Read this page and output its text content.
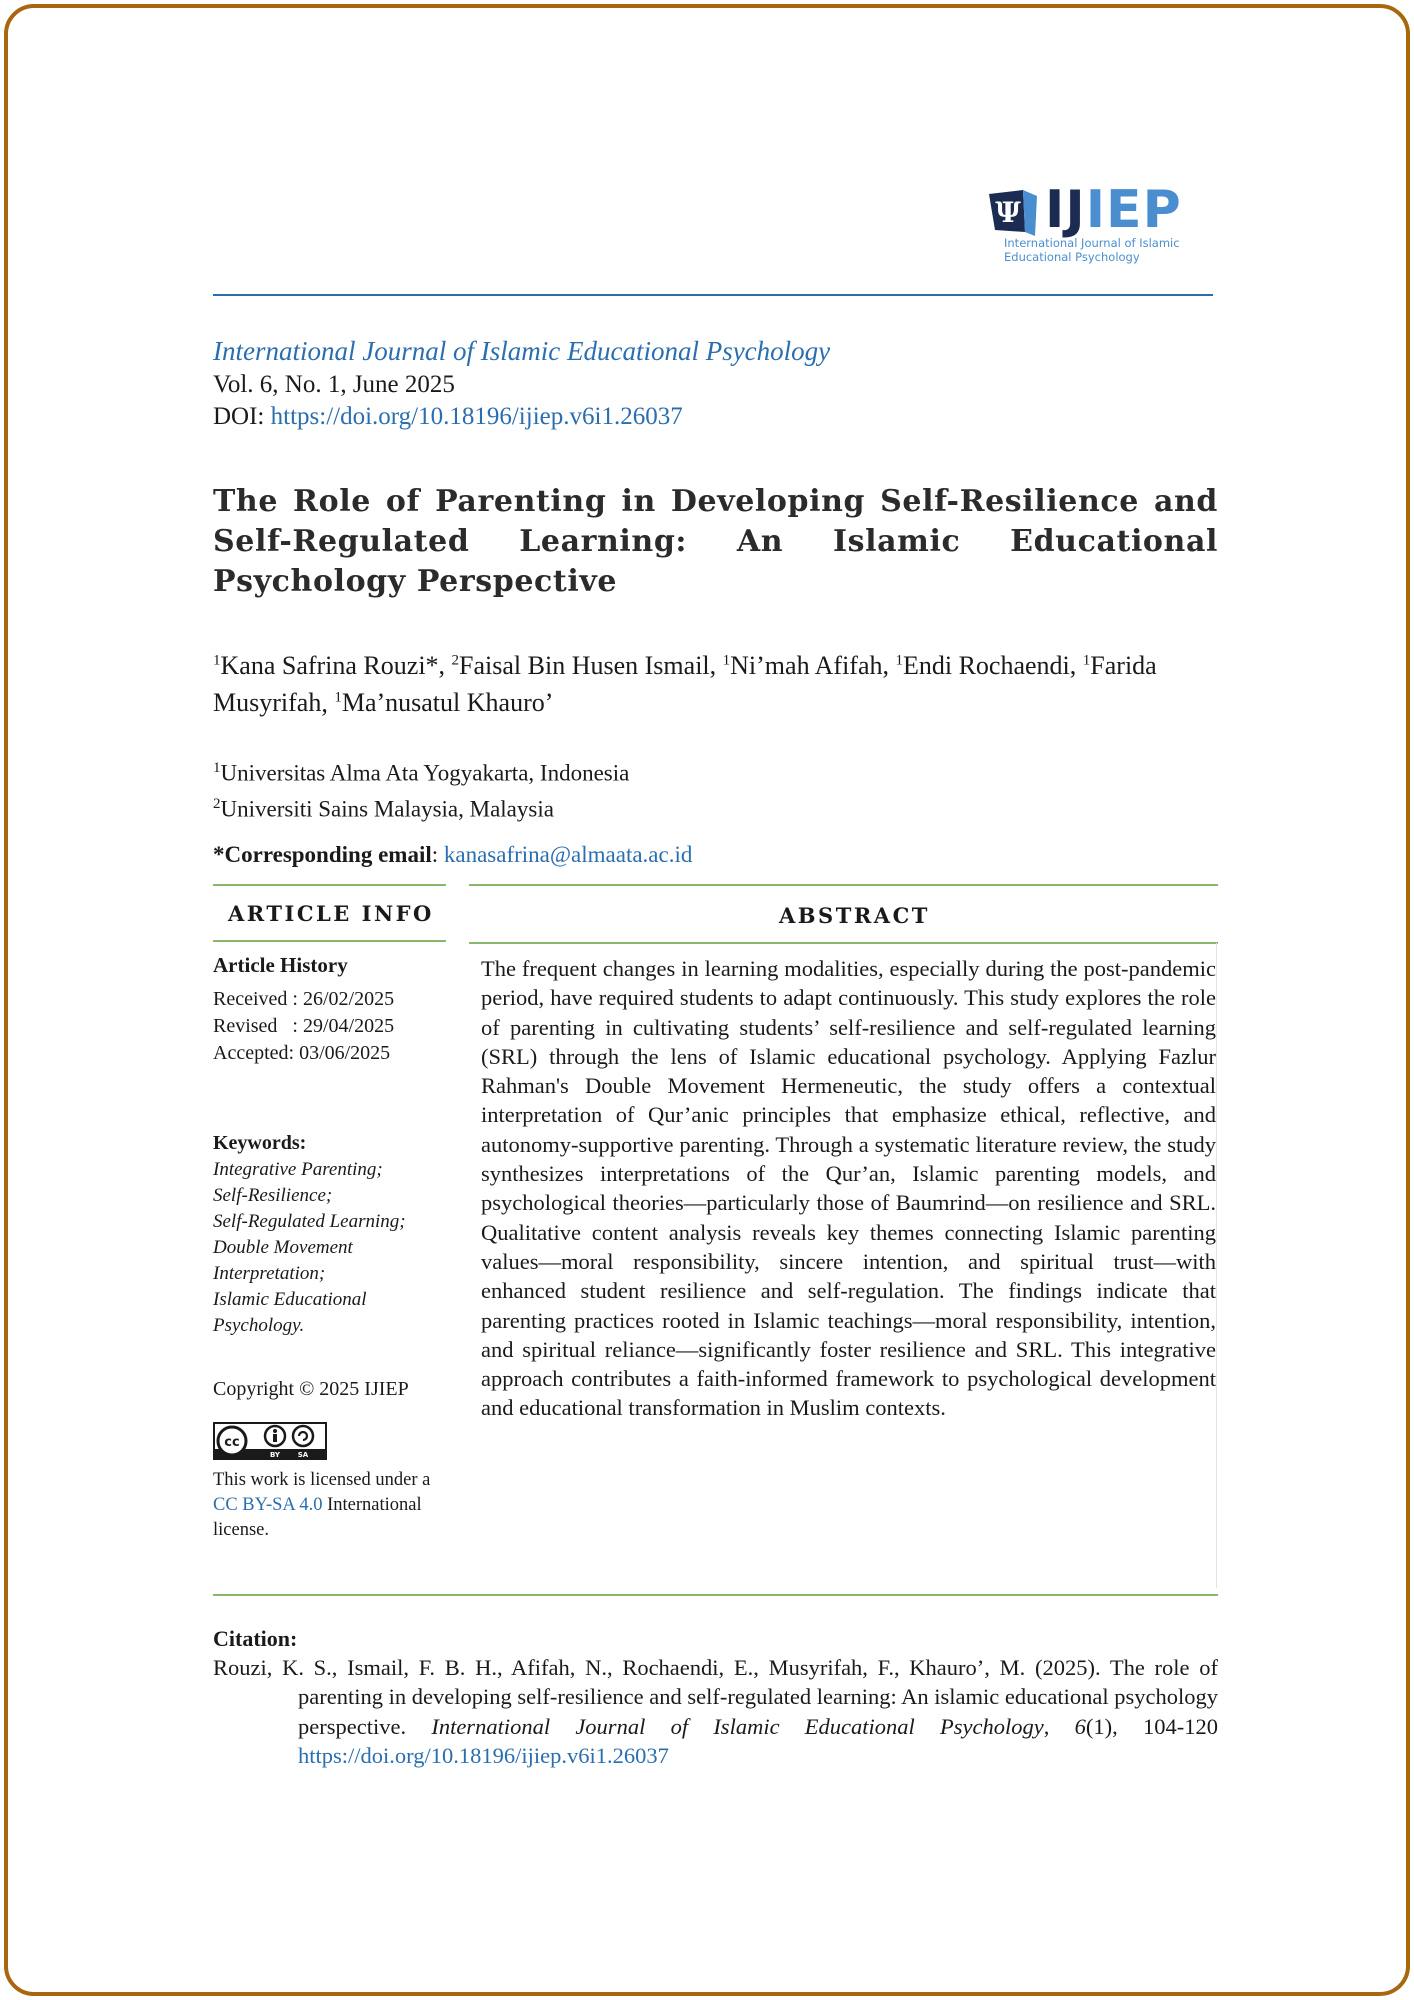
Ψ IJIEP
International Journal of Islamic
Educational Psychology
International Journal of Islamic Educational Psychology
Vol. 6, No. 1, June 2025
DOI: https://doi.org/10.18196/ijiep.v6i1.26037
The Role of Parenting in Developing Self-Resilience and Self-Regulated Learning: An Islamic Educational Psychology Perspective
$^1$Kana Safrina Rouzi*, $^2$Faisal Bin Husen Ismail, $^1$Ni’mah Afifah, $^1$Endi Rochaendi, $^1$Farida Musyrifah, $^1$Ma’nusatul Khauro’
$^1$Universitas Alma Ata Yogyakarta, Indonesia
$^2$Universiti Sains Malaysia, Malaysia
*Corresponding email: kanasafrina@almaata.ac.id
ARTICLE INFO	ABSTRACT
Article History
Received : 26/02/2025
Revised   : 29/04/2025
Accepted: 03/06/2025
Keywords:
Integrative Parenting;
Self-Resilience;
Self-Regulated Learning;
Double Movement
Interpretation;
Islamic Educational
Psychology.
Copyright © 2025 IJIEP
cc
BY	SA
This work is licensed under a CC BY-SA 4.0 International license.
The frequent changes in learning modalities, especially during the post-pandemic period, have required students to adapt continuously. This study explores the role of parenting in cultivating students’ self-resilience and self-regulated learning (SRL) through the lens of Islamic educational psychology. Applying Fazlur Rahman's Double Movement Hermeneutic, the study offers a contextual interpretation of Qur’anic principles that emphasize ethical, reflective, and autonomy-supportive parenting. Through a systematic literature review, the study synthesizes interpretations of the Qur’an, Islamic parenting models, and psychological theories—particularly those of Baumrind—on resilience and SRL. Qualitative content analysis reveals key themes connecting Islamic parenting values—moral responsibility, sincere intention, and spiritual trust—with enhanced student resilience and self-regulation. The findings indicate that parenting practices rooted in Islamic teachings—moral responsibility, intention, and spiritual reliance—significantly foster resilience and SRL. This integrative approach contributes a faith-informed framework to psychological development and educational transformation in Muslim contexts.
Citation:
Rouzi, K. S., Ismail, F. B. H., Afifah, N., Rochaendi, E., Musyrifah, F., Khauro’, M. (2025). The role of parenting in developing self-resilience and self-regulated learning: An islamic educational psychology perspective. International Journal of Islamic Educational Psychology, 6(1), 104-120 https://doi.org/10.18196/ijiep.v6i1.26037
